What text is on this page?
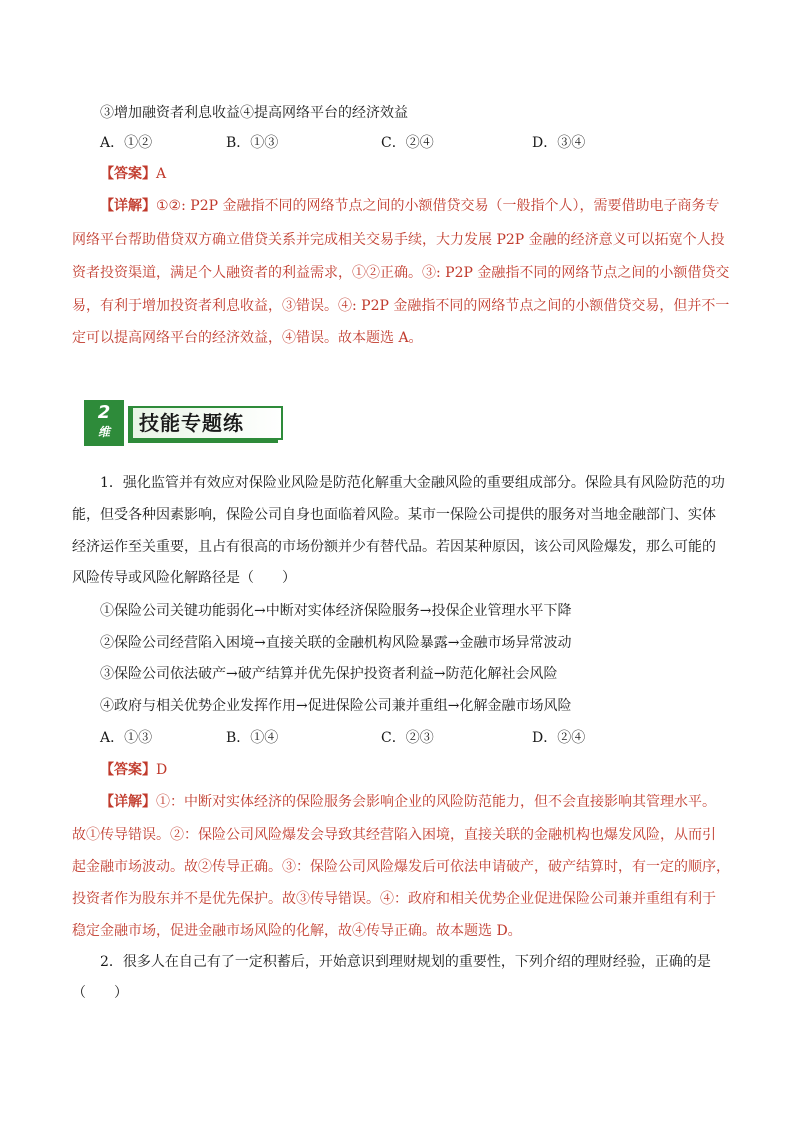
③增加融资者利息收益④提高网络平台的经济效益
A．①②	B．①③	C．②④	D．③④
【答案】A
【详解】①②: P2P 金融指不同的网络节点之间的小额借贷交易（一般指个人），需要借助电子商务专
网络平台帮助借贷双方确立借贷关系并完成相关交易手续，大力发展 P2P 金融的经济意义可以拓宽个人投
资者投资渠道，满足个人融资者的利益需求，①②正确。③: P2P 金融指不同的网络节点之间的小额借贷交
易，有利于增加投资者利息收益，③错误。④: P2P 金融指不同的网络节点之间的小额借贷交易，但并不一
定可以提高网络平台的经济效益，④错误。故本题选 A。
2
维	技能专题练
1．强化监管并有效应对保险业风险是防范化解重大金融风险的重要组成部分。保险具有风险防范的功
能，但受各种因素影响，保险公司自身也面临着风险。某市一保险公司提供的服务对当地金融部门、实体
经济运作至关重要，且占有很高的市场份额并少有替代品。若因某种原因，该公司风险爆发，那么可能的
风险传导或风险化解路径是（　　）
①保险公司关键功能弱化→中断对实体经济保险服务→投保企业管理水平下降
②保险公司经营陷入困境→直接关联的金融机构风险暴露→金融市场异常波动
③保险公司依法破产→破产结算并优先保护投资者利益→防范化解社会风险
④政府与相关优势企业发挥作用→促进保险公司兼并重组→化解金融市场风险
A．①③	B．①④	C．②③	D．②④
【答案】D
【详解】①：中断对实体经济的保险服务会影响企业的风险防范能力，但不会直接影响其管理水平。
故①传导错误。②：保险公司风险爆发会导致其经营陷入困境，直接关联的金融机构也爆发风险，从而引
起金融市场波动。故②传导正确。③：保险公司风险爆发后可依法申请破产，破产结算时，有一定的顺序，
投资者作为股东并不是优先保护。故③传导错误。④：政府和相关优势企业促进保险公司兼并重组有利于
稳定金融市场，促进金融市场风险的化解，故④传导正确。故本题选 D。
2．很多人在自己有了一定积蓄后，开始意识到理财规划的重要性，下列介绍的理财经验，正确的是
（　　）
